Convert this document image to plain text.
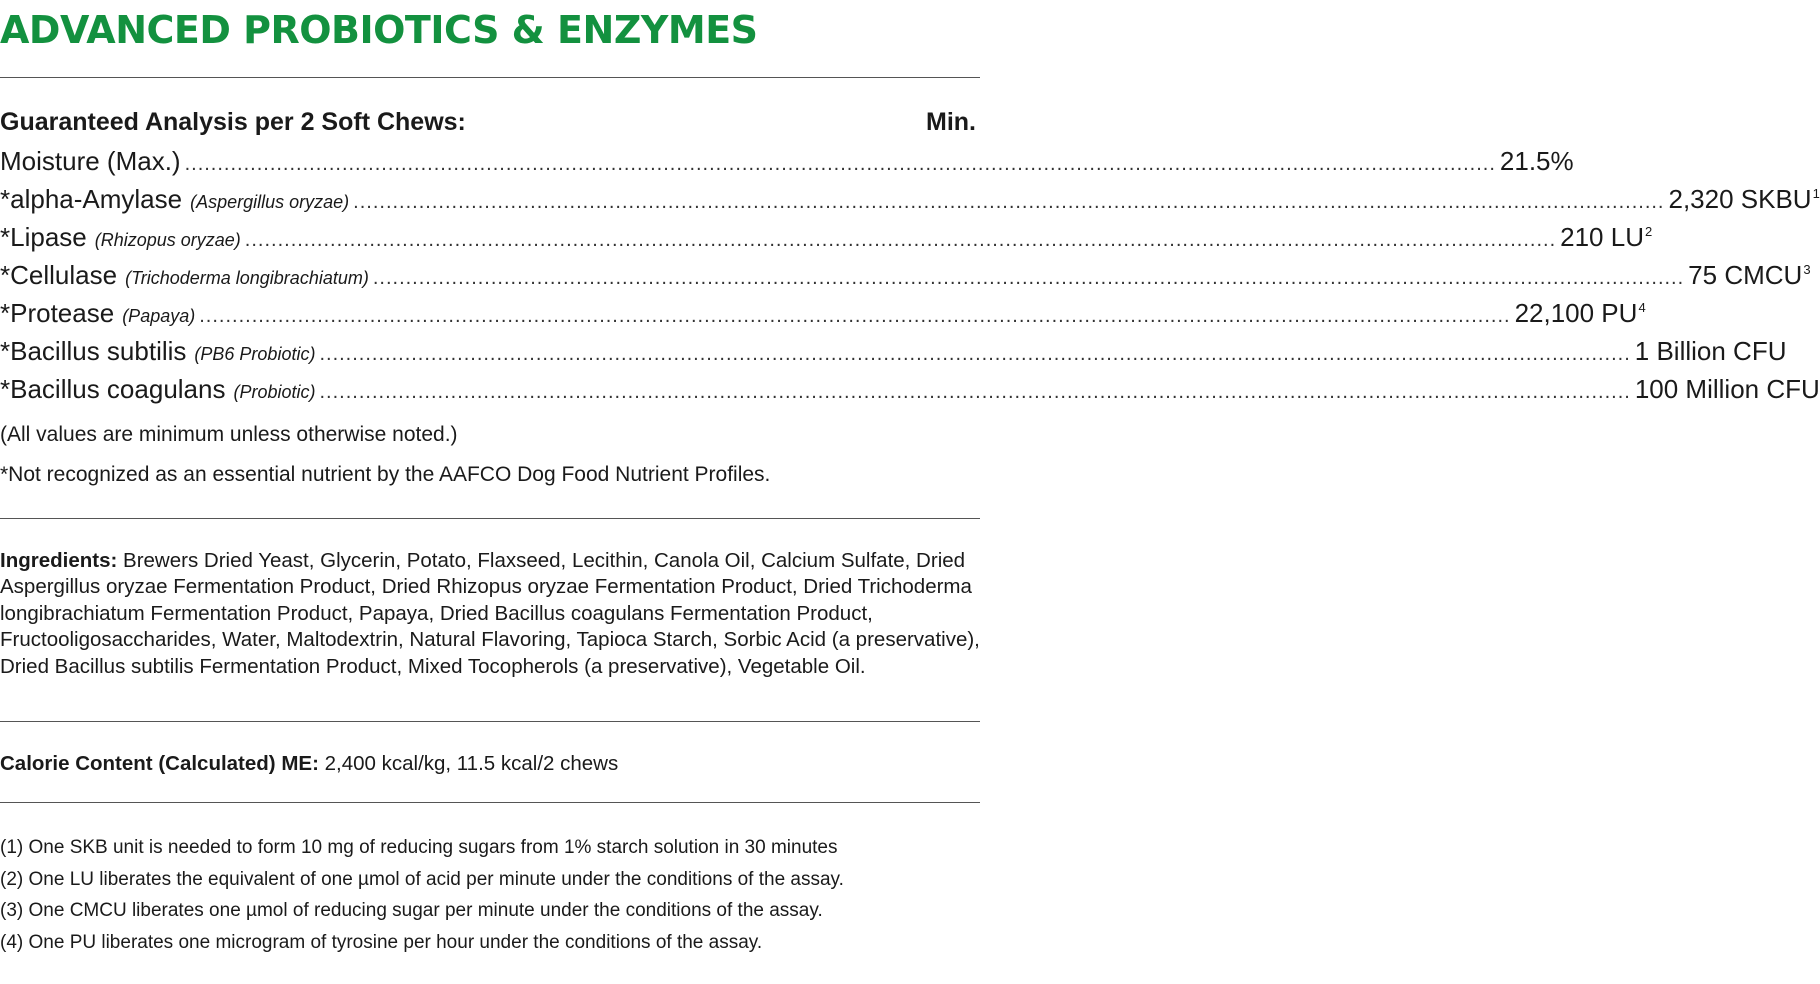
ADVANCED PROBIOTICS & ENZYMES
Guaranteed Analysis per 2 Soft Chews:	Min.
Moisture (Max.) ........................................................................................................................................................................................................ 21.5%
*alpha-Amylase (Aspergillus oryzae) ........................................................................................................................................................................................................ 2,320 SKBU$^1$
*Lipase (Rhizopus oryzae) ........................................................................................................................................................................................................ 210 $LU^2$
*Cellulase (Trichoderma longibrachiatum) ........................................................................................................................................................................................................ 75 CMCU$^3$
*Protease (Papaya) ........................................................................................................................................................................................................ 22,100 $PU^4$
*Bacillus subtilis (PB6 Probiotic) ........................................................................................................................................................................................................ 1 Billion CFU
*Bacillus coagulans (Probiotic) ........................................................................................................................................................................................................ 100 Million CFU
(All values are minimum unless otherwise noted.)
*Not recognized as an essential nutrient by the AAFCO Dog Food Nutrient Profiles.
Ingredients: Brewers Dried Yeast, Glycerin, Potato, Flaxseed, Lecithin, Canola Oil, Calcium Sulfate, Dried Aspergillus oryzae Fermentation Product, Dried Rhizopus oryzae Fermentation Product, Dried Trichoderma longibrachiatum Fermentation Product, Papaya, Dried Bacillus coagulans Fermentation Product, Fructooligosaccharides, Water, Maltodextrin, Natural Flavoring, Tapioca Starch, Sorbic Acid (a preservative), Dried Bacillus subtilis Fermentation Product, Mixed Tocopherols (a preservative), Vegetable Oil.
Calorie Content (Calculated) ME: 2,400 kcal/kg, 11.5 kcal/2 chews
(1) One SKB unit is needed to form 10 mg of reducing sugars from 1% starch solution in 30 minutes
(2) One LU liberates the equivalent of one µmol of acid per minute under the conditions of the assay.
(3) One CMCU liberates one µmol of reducing sugar per minute under the conditions of the assay.
(4) One PU liberates one microgram of tyrosine per hour under the conditions of the assay.
